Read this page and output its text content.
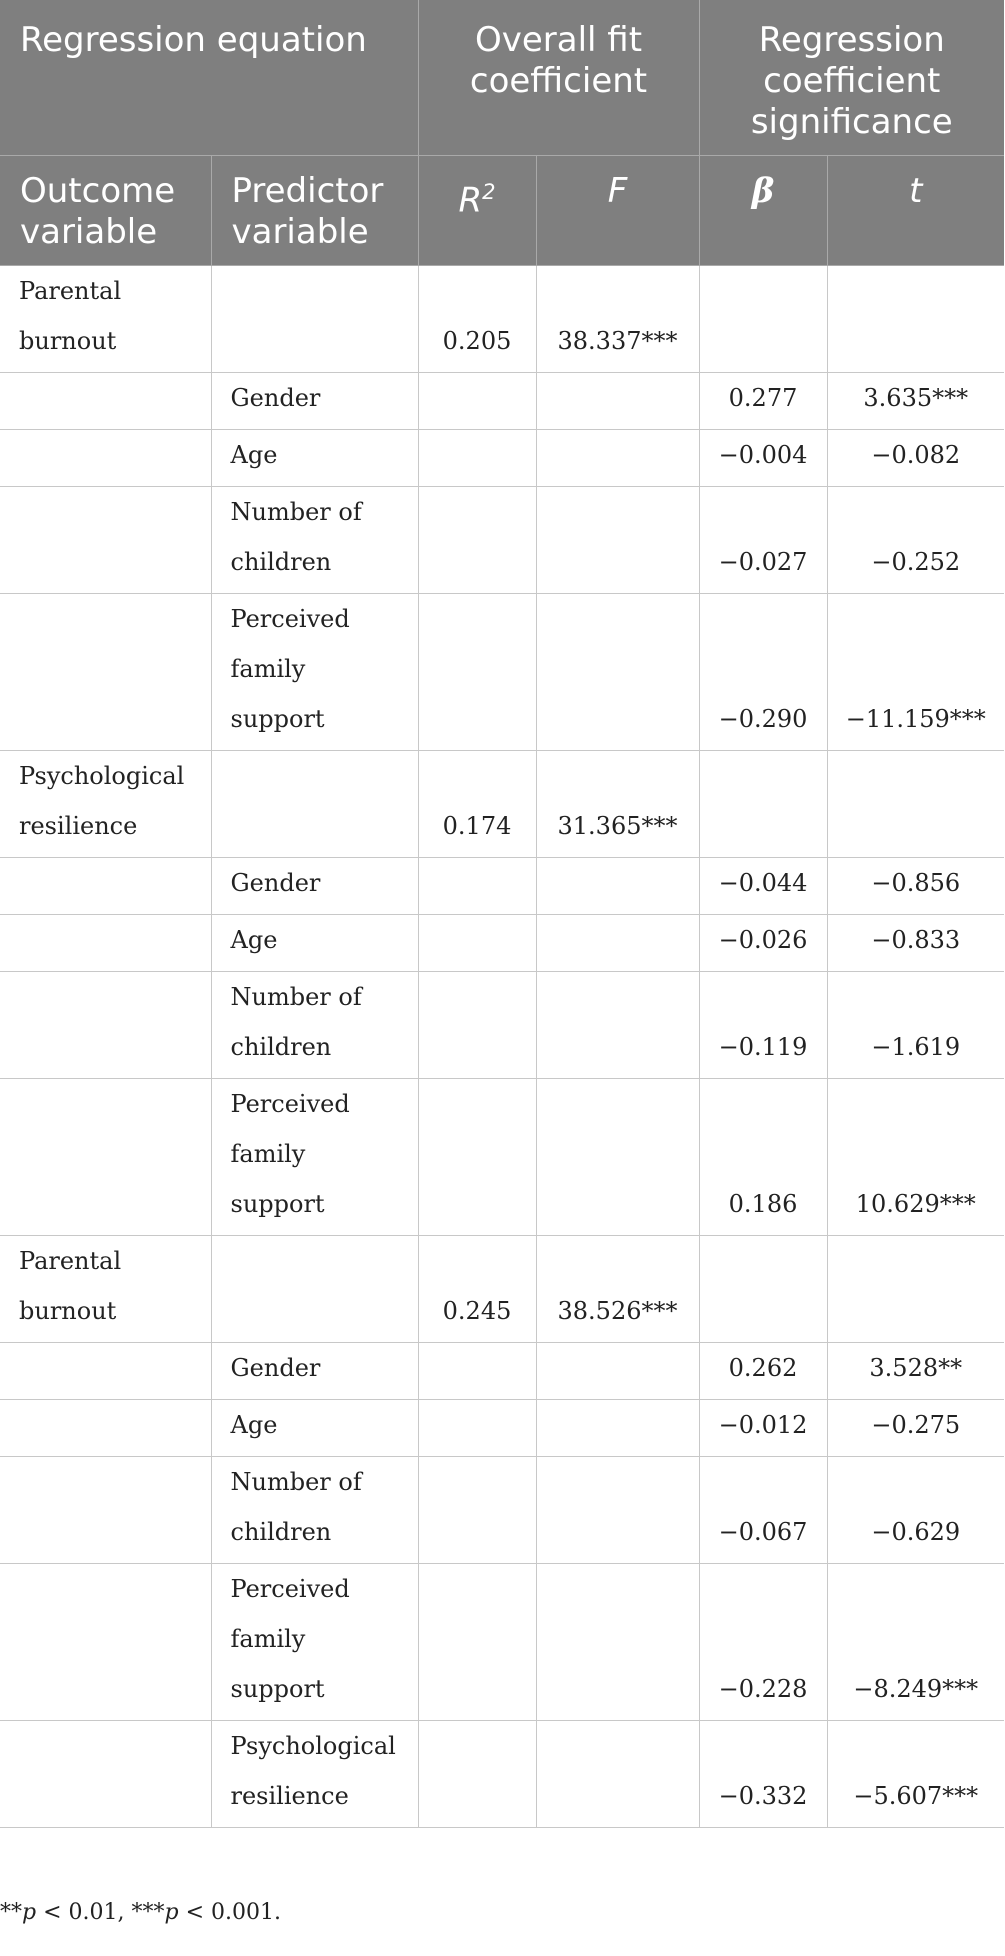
Regression equation		Overall fit coefficient		Regression coefficient significance	
Outcome variable	Predictor variable	$R^2$	F	β	t

Parental burnout		0.205	38.337***		

	Gender			0.277	3.635***

	Age			−0.004	−0.082

	Number of children			−0.027	−0.252

	Perceived family support			−0.290	−11.159***

Psychological resilience		0.174	31.365***		

	Gender			−0.044	−0.856

	Age			−0.026	−0.833

	Number of children			−0.119	−1.619

	Perceived family support			0.186	10.629***

Parental burnout		0.245	38.526***		

	Gender			0.262	3.528**

	Age			−0.012	−0.275

	Number of children			−0.067	−0.629

	Perceived family support			−0.228	−8.249***

	Psychological resilience			−0.332	−5.607***
**p < 0.01, ***p < 0.001.
